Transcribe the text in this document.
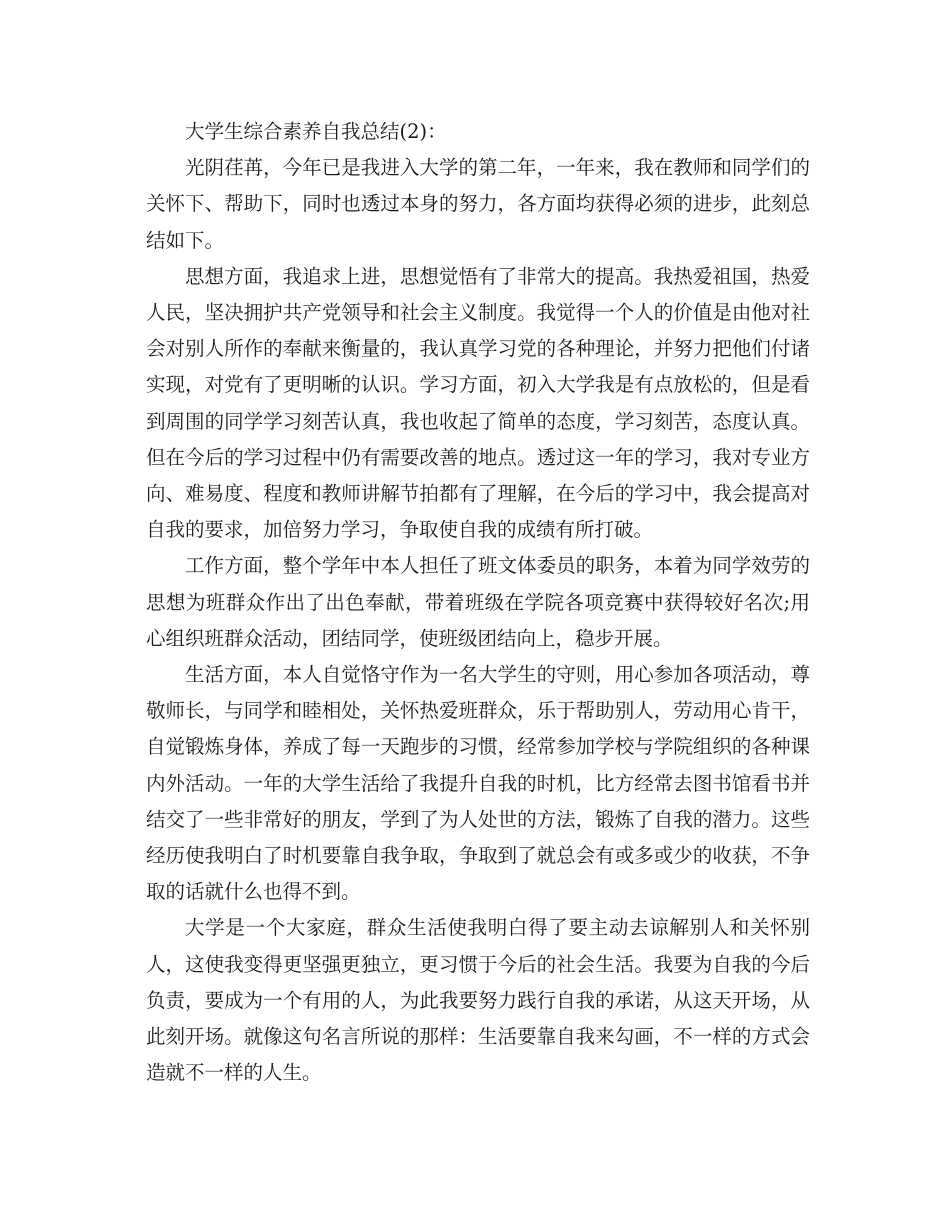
大学生综合素养自我总结(2)：

光阴荏苒，今年已是我进入大学的第二年，一年来，我在教师和同学们的关怀下、帮助下，同时也透过本身的努力，各方面均获得必须的进步，此刻总结如下。

思想方面，我追求上进，思想觉悟有了非常大的提高。我热爱祖国，热爱人民，坚决拥护共产党领导和社会主义制度。我觉得一个人的价值是由他对社会对别人所作的奉献来衡量的，我认真学习党的各种理论，并努力把他们付诸实现，对党有了更明晰的认识。学习方面，初入大学我是有点放松的，但是看到周围的同学学习刻苦认真，我也收起了简单的态度，学习刻苦，态度认真。但在今后的学习过程中仍有需要改善的地点。透过这一年的学习，我对专业方向、难易度、程度和教师讲解节拍都有了理解，在今后的学习中，我会提高对自我的要求，加倍努力学习，争取使自我的成绩有所打破。

工作方面，整个学年中本人担任了班文体委员的职务，本着为同学效劳的思想为班群众作出了出色奉献，带着班级在学院各项竞赛中获得较好名次;用心组织班群众活动，团结同学，使班级团结向上，稳步开展。

生活方面，本人自觉恪守作为一名大学生的守则，用心参加各项活动，尊敬师长，与同学和睦相处，关怀热爱班群众，乐于帮助别人，劳动用心肯干，自觉锻炼身体，养成了每一天跑步的习惯，经常参加学校与学院组织的各种课内外活动。一年的大学生活给了我提升自我的时机，比方经常去图书馆看书并结交了一些非常好的朋友，学到了为人处世的方法，锻炼了自我的潜力。这些经历使我明白了时机要靠自我争取，争取到了就总会有或多或少的收获，不争取的话就什么也得不到。

大学是一个大家庭，群众生活使我明白得了要主动去谅解别人和关怀别人，这使我变得更坚强更独立，更习惯于今后的社会生活。我要为自我的今后负责，要成为一个有用的人，为此我要努力践行自我的承诺，从这天开场，从此刻开场。就像这句名言所说的那样：生活要靠自我来勾画，不一样的方式会造就不一样的人生。
